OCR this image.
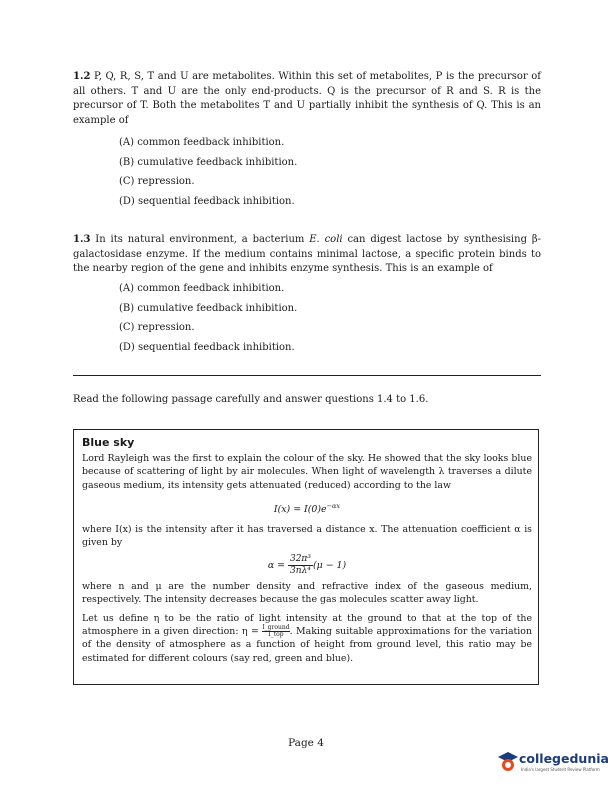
1.2 P, Q, R, S, T and U are metabolites. Within this set of metabolites, P is the precursor of all others. T and U are the only end-products. Q is the precursor of R and S. R is the precursor of T. Both the metabolites T and U partially inhibit the synthesis of Q. This is an example of
(A) common feedback inhibition.
(B) cumulative feedback inhibition.
(C) repression.
(D) sequential feedback inhibition.
1.3 In its natural environment, a bacterium E. coli can digest lactose by synthesising β-galactosidase enzyme. If the medium contains minimal lactose, a specific protein binds to the nearby region of the gene and inhibits enzyme synthesis. This is an example of
(A) common feedback inhibition.
(B) cumulative feedback inhibition.
(C) repression.
(D) sequential feedback inhibition.
Read the following passage carefully and answer questions 1.4 to 1.6.
Blue sky
Lord Rayleigh was the first to explain the colour of the sky. He showed that the sky looks blue because of scattering of light by air molecules. When light of wavelength λ traverses a dilute gaseous medium, its intensity gets attenuated (reduced) according to the law
$I(x) = I(0)e^{-\alpha x}$
where I(x) is the intensity after it has traversed a distance x. The attenuation coefficient α is given by
$\alpha = \frac{\text{32π³}}{\text{3nλ⁴}} (\mu - 1)$
where n and μ are the number density and refractive index of the gaseous medium, respectively. The intensity decreases because the gas molecules scatter away light.
Let us define η to be the ratio of light intensity at the ground to that at the top of the atmosphere in a given direction: $\eta = \frac{\text{I\_ground}}{\text{I\_top}}$. Making suitable approximations for the variation of the density of atmosphere as a function of height from ground level, this ratio may be estimated for different colours (say red, green and blue).
Page 4
collegedunia
India's largest Student Review Platform
